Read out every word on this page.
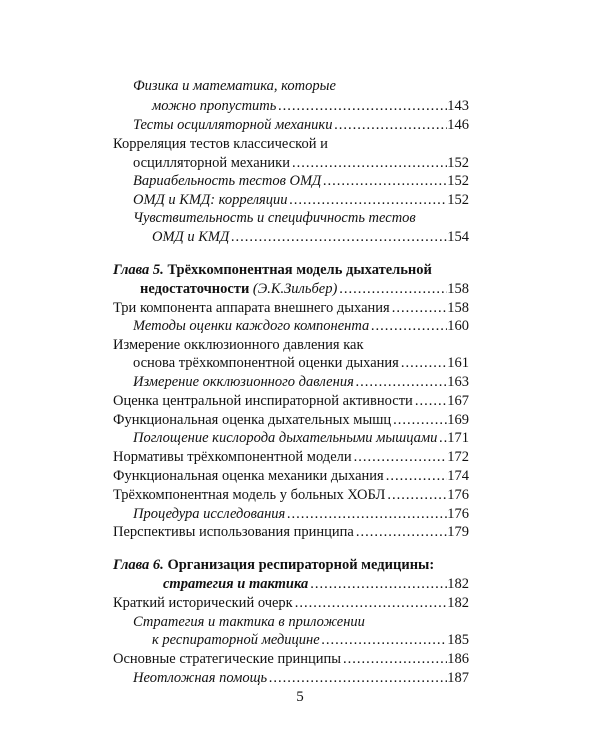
Физика и математика, которые
можно пропустить .....	143
Тесты осцилляторной механики .....	146
Корреляция тестов классической и
осцилляторной механики .....	152
Вариабельность тестов ОМД .....	152
ОМД и КМД: корреляции .....	152
Чувствительность и специфичность тестов
ОМД и КМД .....	154
Глава 5. Трёхкомпонентная модель дыхательной
недостаточности (Э.К.Зильбер) .....	158
Три компонента аппарата внешнего дыхания .....	158
Методы оценки каждого компонента .....	160
Измерение окклюзионного давления как
основа трёхкомпонентной оценки дыхания .....	161
Измерение окклюзионного давления .....	163
Оценка центральной инспираторной активности ..... 167
Функциональная оценка дыхательных мышц .....	169
Поглощение кислорода дыхательными мышцами ..... 171
Нормативы трёхкомпонентной модели .....	172
Функциональная оценка механики дыхания .....	174
Трёхкомпонентная модель у больных ХОБЛ .....	176
Процедура исследования .....	176
Перспективы использования принципа .....	179
Глава 6. Организация респираторной медицины:
стратегия и тактика .....	182
Краткий исторический очерк .....	182
Стратегия и тактика в приложении
к респираторной медицине .....	185
Основные стратегические принципы .....	186
Неотложная помощь .....	187
5
